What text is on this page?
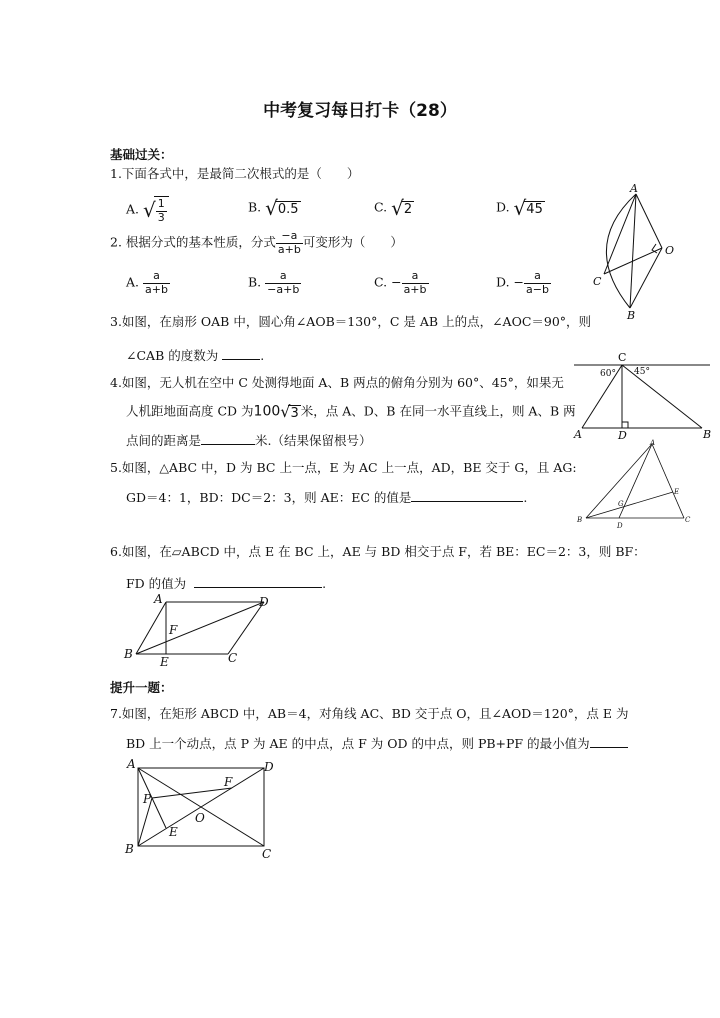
中考复习每日打卡（28）
基础过关：
1.下面各式中，是最简二次根式的是（　　）
A. √ $\frac{1}{3}$	B. √0.5	C. √2	D. √45
2. 根据分式的基本性质，分式 $\frac{-a}{a+b}$ 可变形为（　　）
A. $\frac{a}{a+b}$	B. $\frac{a}{-a+b}$	C. − $\frac{a}{a+b}$	D. − $\frac{a}{a-b}$
3.如图，在扇形 OAB 中，圆心角∠AOB＝130°，C 是 AB 上的点，∠AOC＝90°，则
∠CAB 的度数为	.
4.如图，无人机在空中 C 处测得地面 A、B 两点的俯角分别为 60°、45°，如果无
人机距地面高度 CD 为100√3 米，点 A、D、B 在同一水平直线上，则 A、B 两
点间的距离是	米.（结果保留根号）
5.如图，△ABC 中，D 为 BC 上一点，E 为 AC 上一点，AD，BE 交于 G，且 AG:
GD＝4：1，BD：DC＝2：3，则 AE：EC 的值是	.
6.如图，在▱ABCD 中，点 E 在 BC 上，AE 与 BD 相交于点 F，若 BE：EC＝2：3，则 BF：
FD 的值为	.
提升一题：
7.如图，在矩形 ABCD 中，AB＝4，对角线 AC、BD 交于点 O，且∠AOD＝120°，点 E 为
BD 上一个动点，点 P 为 AE 的中点，点 F 为 OD 的中点，则 PB+PF 的最小值为
A
O
C
B
C
60° 45°
A	D	B
A
B	C
D
E
G
A	D
F
B
E	C
A	D
F
P
O
E
B	C
